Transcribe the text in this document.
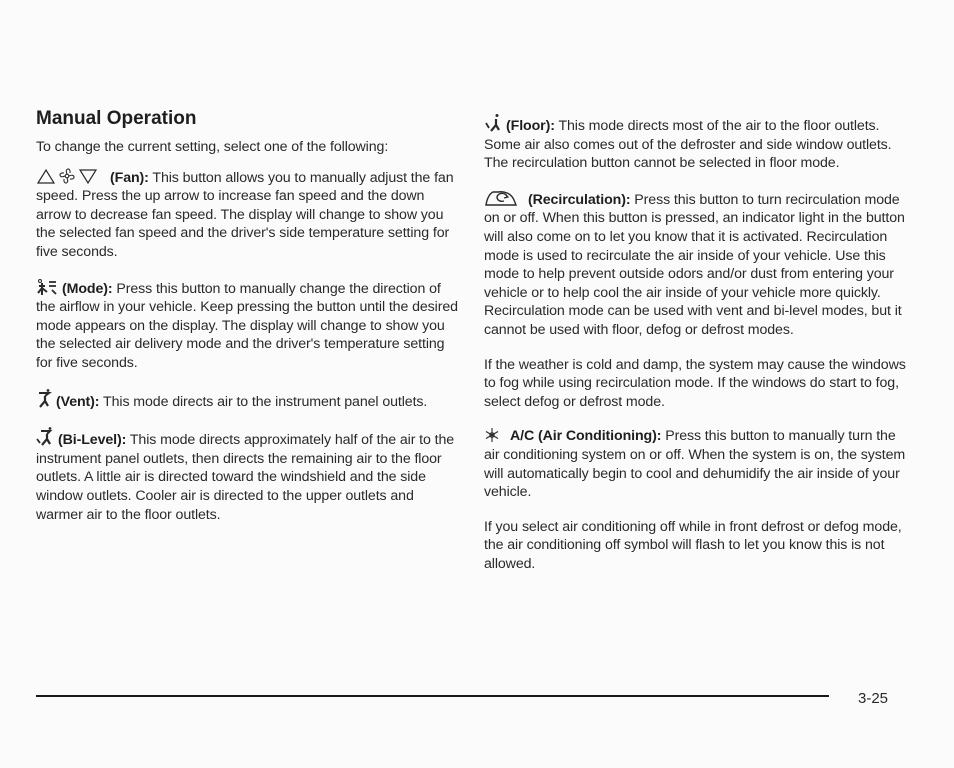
Manual Operation

To change the current setting, select one of the following:

(Fan): This button allows you to manually adjust the fan speed. Press the up arrow to increase fan speed and the down arrow to decrease fan speed. The display will change to show you the selected fan speed and the driver's side temperature setting for five seconds.

(Mode): Press this button to manually change the direction of the airflow in your vehicle. Keep pressing the button until the desired mode appears on the display. The display will change to show you the selected air delivery mode and the driver's temperature setting for five seconds.

(Vent): This mode directs air to the instrument panel outlets.

(Bi-Level): This mode directs approximately half of the air to the instrument panel outlets, then directs the remaining air to the floor outlets. A little air is directed toward the windshield and the side window outlets. Cooler air is directed to the upper outlets and warmer air to the floor outlets.

(Floor): This mode directs most of the air to the floor outlets. Some air also comes out of the defroster and side window outlets. The recirculation button cannot be selected in floor mode.

(Recirculation): Press this button to turn recirculation mode on or off. When this button is pressed, an indicator light in the button will also come on to let you know that it is activated. Recirculation mode is used to recirculate the air inside of your vehicle. Use this mode to help prevent outside odors and/or dust from entering your vehicle or to help cool the air inside of your vehicle more quickly. Recirculation mode can be used with vent and bi-level modes, but it cannot be used with floor, defog or defrost modes.

If the weather is cold and damp, the system may cause the windows to fog while using recirculation mode. If the windows do start to fog, select defog or defrost mode.

A/C (Air Conditioning): Press this button to manually turn the air conditioning system on or off. When the system is on, the system will automatically begin to cool and dehumidify the air inside of your vehicle.

If you select air conditioning off while in front defrost or defog mode, the air conditioning off symbol will flash to let you know this is not allowed.

3-25
